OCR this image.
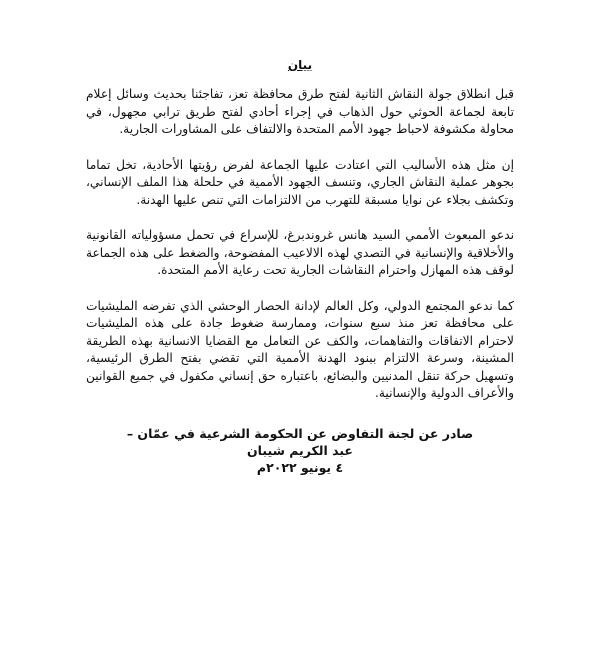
بيان

قبل انطلاق جولة النقاش الثانية لفتح طرق محافظة تعز، تفاجئنا بحديث وسائل إعلام تابعة لجماعة الحوثي حول الذهاب في إجراء أحادي لفتح طريق ترابي مجهول، في محاولة مكشوفة لاحباط جهود الأمم المتحدة والالتفاف على المشاورات الجارية.

إن مثل هذه الأساليب التي اعتادت عليها الجماعة لفرض رؤيتها الأحادية، تخل تماما بجوهر عملية النقاش الجاري، وتنسف الجهود الأممية في حلحلة هذا الملف الإنساني، وتكشف بجلاء عن نوايا مسبقة للتهرب من الالتزامات التي تنص عليها الهدنة.

ندعو المبعوث الأممي السيد هانس غروندبرغ، للإسراع في تحمل مسؤولياته القانونية والأخلاقية والإنسانية في التصدي لهذه الالاعيب المفضوحة، والضغط على هذه الجماعة لوقف هذه المهازل واحترام النقاشات الجارية تحت رعاية الأمم المتحدة.

كما ندعو المجتمع الدولي، وكل العالم لإدانة الحصار الوحشي الذي تفرضه المليشيات على محافظة تعز منذ سبع سنوات، وممارسة ضغوط جادة على هذه المليشيات لاحترام الاتفاقات والتفاهمات، والكف عن التعامل مع القضايا الانسانية بهذه الطريقة المشينة، وسرعة الالتزام ببنود الهدنة الأممية التي تقضي بفتح الطرق الرئيسية، وتسهيل حركة تنقل المدنيين والبضائع، باعتباره حق إنساني مكفول في جميع القوانين والأعراف الدولية والإنسانية.

صادر عن لجنة التفاوض عن الحكومة الشرعية في عمّان –
عبد الكريم شيبان
٤ يونيو ٢٠٢٢م
